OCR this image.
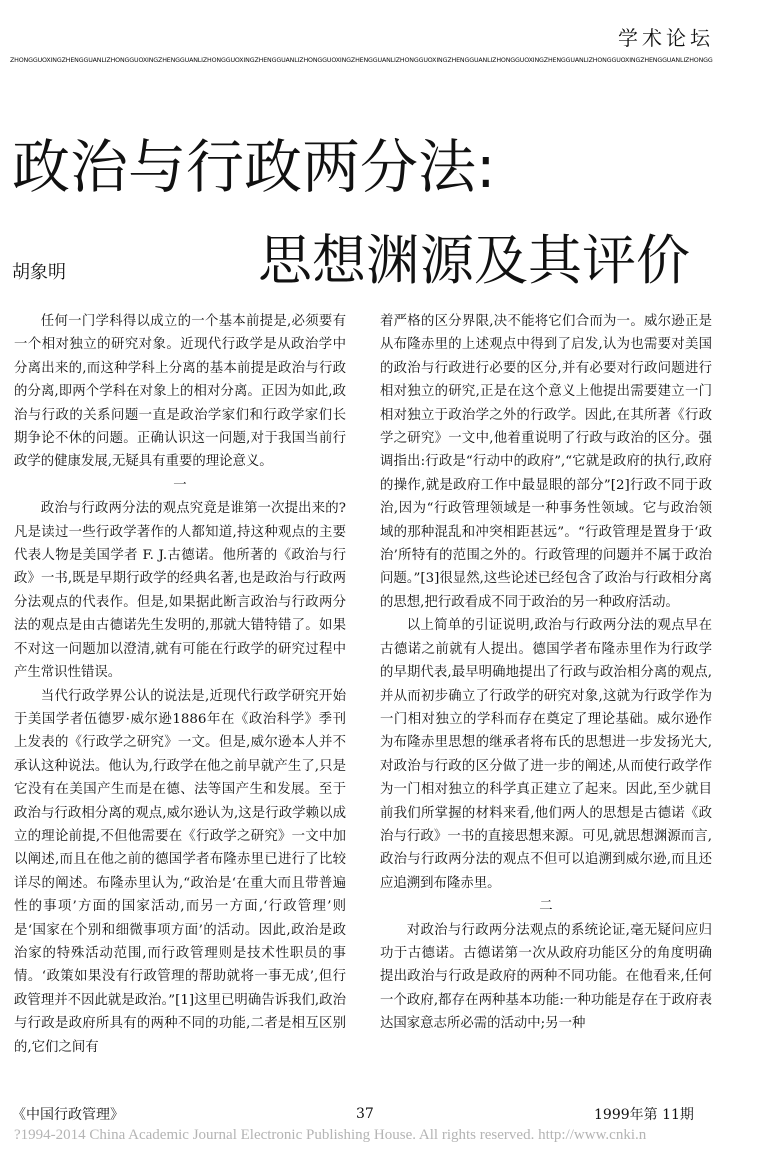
学术论坛
ZHONGGUOXINGZHENGGUANLIZHONGGUOXINGZHENGGUANLIZHONGGUOXINGZHENGGUANLIZHONGGUOXINGZHENGGUANLIZHONGGUOXINGZHENGGUANLIZHONGGUOXINGZHENGGUANLIZHONGGUOXINGZHENGGUANLIZHONGG
政治与行政两分法:
胡象明	思想渊源及其评价

任何一门学科得以成立的一个基本前提是,必须要有一个相对独立的研究对象。近现代行政学是从政治学中分离出来的,而这种学科上分离的基本前提是政治与行政的分离,即两个学科在对象上的相对分离。正因为如此,政治与行政的关系问题一直是政治学家们和行政学家们长期争论不休的问题。正确认识这一问题,对于我国当前行政学的健康发展,无疑具有重要的理论意义。

一

政治与行政两分法的观点究竟是谁第一次提出来的?凡是读过一些行政学著作的人都知道,持这种观点的主要代表人物是美国学者 F. J.古德诺。他所著的《政治与行政》一书,既是早期行政学的经典名著,也是政治与行政两分法观点的代表作。但是,如果据此断言政治与行政两分法的观点是由古德诺先生发明的,那就大错特错了。如果不对这一问题加以澄清,就有可能在行政学的研究过程中产生常识性错误。

当代行政学界公认的说法是,近现代行政学研究开始于美国学者伍德罗·威尔逊1886年在《政治科学》季刊上发表的《行政学之研究》一文。但是,威尔逊本人并不承认这种说法。他认为,行政学在他之前早就产生了,只是它没有在美国产生而是在德、法等国产生和发展。至于政治与行政相分离的观点,威尔逊认为,这是行政学赖以成立的理论前提,不但他需要在《行政学之研究》一文中加以阐述,而且在他之前的德国学者布隆赤里已进行了比较详尽的阐述。布隆赤里认为,“政治是‘在重大而且带普遍性的事项’方面的国家活动,而另一方面,‘行政管理’则是‘国家在个别和细微事项方面’的活动。因此,政治是政治家的特殊活动范围,而行政管理则是技术性职员的事情。‘政策如果没有行政管理的帮助就将一事无成’,但行政管理并不因此就是政治。”[1]这里已明确告诉我们,政治与行政是政府所具有的两种不同的功能,二者是相互区别的,它们之间有

着严格的区分界限,决不能将它们合而为一。威尔逊正是从布隆赤里的上述观点中得到了启发,认为也需要对美国的政治与行政进行必要的区分,并有必要对行政问题进行相对独立的研究,正是在这个意义上他提出需要建立一门相对独立于政治学之外的行政学。因此,在其所著《行政学之研究》一文中,他着重说明了行政与政治的区分。强调指出:行政是“行动中的政府”,“它就是政府的执行,政府的操作,就是政府工作中最显眼的部分”[2]行政不同于政治,因为“行政管理领域是一种事务性领域。它与政治领域的那种混乱和冲突相距甚远”。“行政管理是置身于‘政治’所特有的范围之外的。行政管理的问题并不属于政治问题。”[3]很显然,这些论述已经包含了政治与行政相分离的思想,把行政看成不同于政治的另一种政府活动。

以上简单的引证说明,政治与行政两分法的观点早在古德诺之前就有人提出。德国学者布隆赤里作为行政学的早期代表,最早明确地提出了行政与政治相分离的观点,并从而初步确立了行政学的研究对象,这就为行政学作为一门相对独立的学科而存在奠定了理论基础。威尔逊作为布隆赤里思想的继承者将布氏的思想进一步发扬光大,对政治与行政的区分做了进一步的阐述,从而使行政学作为一门相对独立的科学真正建立了起来。因此,至少就目前我们所掌握的材料来看,他们两人的思想是古德诺《政治与行政》一书的直接思想来源。可见,就思想渊源而言,政治与行政两分法的观点不但可以追溯到威尔逊,而且还应追溯到布隆赤里。

二

对政治与行政两分法观点的系统论证,毫无疑问应归功于古德诺。古德诺第一次从政府功能区分的角度明确提出政治与行政是政府的两种不同功能。在他看来,任何一个政府,都存在两种基本功能:一种功能是存在于政府表达国家意志所必需的活动中;另一种

《中国行政管理》	37	1999年第 11期
?1994-2014 China Academic Journal Electronic Publishing House. All rights reserved. http://www.cnki.n
